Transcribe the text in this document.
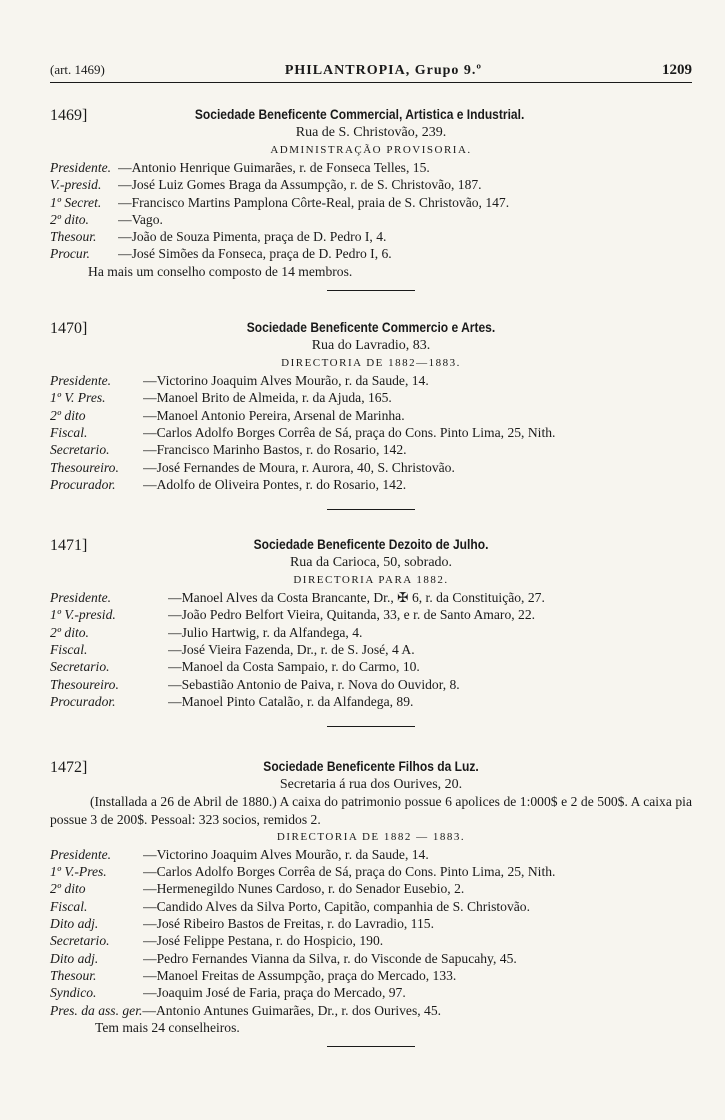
(art. 1469)	PHILANTROPIA, Grupo 9.º	1209
1469]	Sociedade Beneficente Commercial, Artistica e Industrial.
Rua de S. Christovão, 239.
ADMINISTRAÇÃO PROVISORIA.
Presidente. —Antonio Henrique Guimarães, r. de Fonseca Telles, 15.
V.-presid.	—José Luiz Gomes Braga da Assumpção, r. de S. Christovão, 187.
1º Secret.	—Francisco Martins Pamplona Côrte-Real, praia de S. Christovão, 147.
2º dito.	—Vago.
Thesour.	—João de Souza Pimenta, praça de D. Pedro I, 4.
Procur.	—José Simões da Fonseca, praça de D. Pedro I, 6.
Ha mais um conselho composto de 14 membros.
1470]	Sociedade Beneficente Commercio e Artes.
Rua do Lavradio, 83.
DIRECTORIA DE 1882—1883.
Presidente.	—Victorino Joaquim Alves Mourão, r. da Saude, 14.
1º V. Pres.	—Manoel Brito de Almeida, r. da Ajuda, 165.
2º dito	—Manoel Antonio Pereira, Arsenal de Marinha.
Fiscal.	—Carlos Adolfo Borges Corrêa de Sá, praça do Cons. Pinto Lima, 25, Nith.
Secretario.	—Francisco Marinho Bastos, r. do Rosario, 142.
Thesoureiro.	—José Fernandes de Moura, r. Aurora, 40, S. Christovão.
Procurador.	—Adolfo de Oliveira Pontes, r. do Rosario, 142.
1471]	Sociedade Beneficente Dezoito de Julho.
Rua da Carioca, 50, sobrado.
DIRECTORIA PARA 1882.
Presidente.	—Manoel Alves da Costa Brancante, Dr., ✠ 6, r. da Constituição, 27.
1º V.-presid.	—João Pedro Belfort Vieira, Quitanda, 33, e r. de Santo Amaro, 22.
2º dito.	—Julio Hartwig, r. da Alfandega, 4.
Fiscal.	—José Vieira Fazenda, Dr., r. de S. José, 4 A.
Secretario.	—Manoel da Costa Sampaio, r. do Carmo, 10.
Thesoureiro.	—Sebastião Antonio de Paiva, r. Nova do Ouvidor, 8.
Procurador.	—Manoel Pinto Catalão, r. da Alfandega, 89.
1472]	Sociedade Beneficente Filhos da Luz.
Secretaria á rua dos Ourives, 20.
(Installada a 26 de Abril de 1880.) A caixa do patrimonio possue 6 apolices de 1:000$ e 2 de 500$. A caixa pia possue 3 de 200$. Pessoal: 323 socios, remidos 2.
DIRECTORIA DE 1882 — 1883.
Presidente.	—Victorino Joaquim Alves Mourão, r. da Saude, 14.
1º V.-Pres.	—Carlos Adolfo Borges Corrêa de Sá, praça do Cons. Pinto Lima, 25, Nith.
2º dito	—Hermenegildo Nunes Cardoso, r. do Senador Eusebio, 2.
Fiscal.	—Candido Alves da Silva Porto, Capitão, companhia de S. Christovão.
Dito adj.	—José Ribeiro Bastos de Freitas, r. do Lavradio, 115.
Secretario.	—José Felippe Pestana, r. do Hospicio, 190.
Dito adj.	—Pedro Fernandes Vianna da Silva, r. do Visconde de Sapucahy, 45.
Thesour.	—Manoel Freitas de Assumpção, praça do Mercado, 133.
Syndico.	—Joaquim José de Faria, praça do Mercado, 97.
Pres. da ass. ger. —Antonio Antunes Guimarães, Dr., r. dos Ourives, 45.
Tem mais 24 conselheiros.
